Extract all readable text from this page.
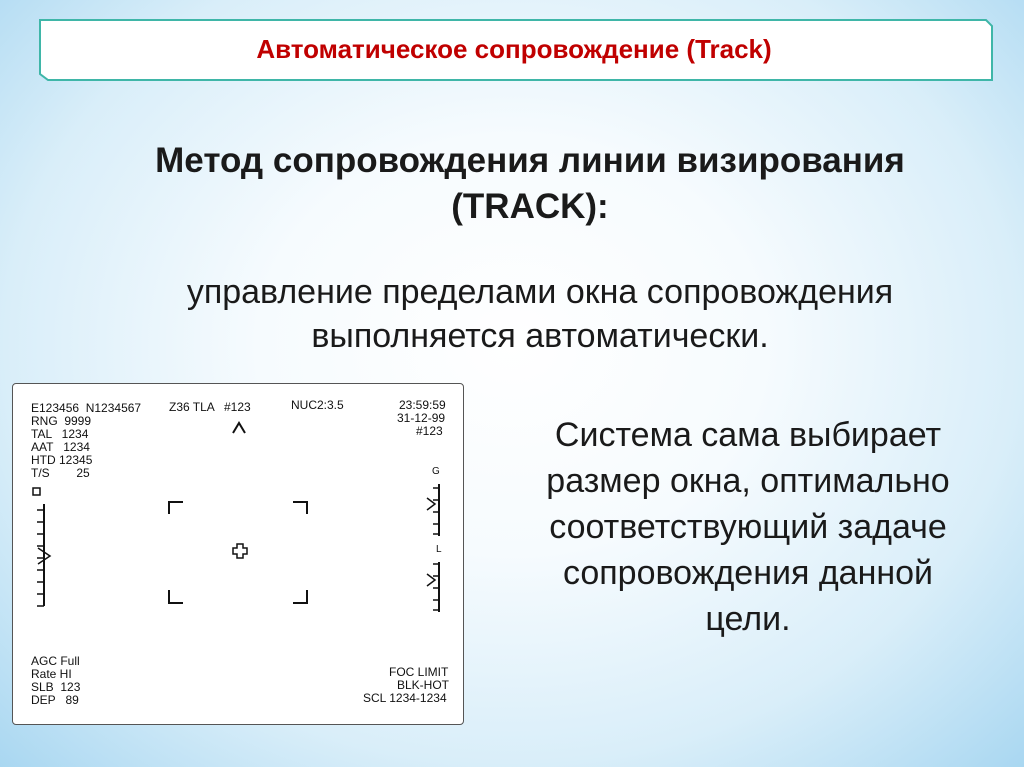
Автоматическое сопровождение (Track)
Метод сопровождения линии визирования
(TRACK):
управление пределами окна сопровождения
выполняется автоматически.
Система сама выбирает
размер окна, оптимально
соответствующий задаче
сопровождения данной
цели.
E123456  N1234567 Z36 TLA #123	NUC2:3.5	23:59:59
31-12-99
#123
RNG  9999
TAL   1234
AAT   1234
HTD 12345
T/S        25	G
L
AGC Full
Rate HI
SLB  123
DEP   89
FOC LIMIT
BLK-HOT
SCL 1234-1234
